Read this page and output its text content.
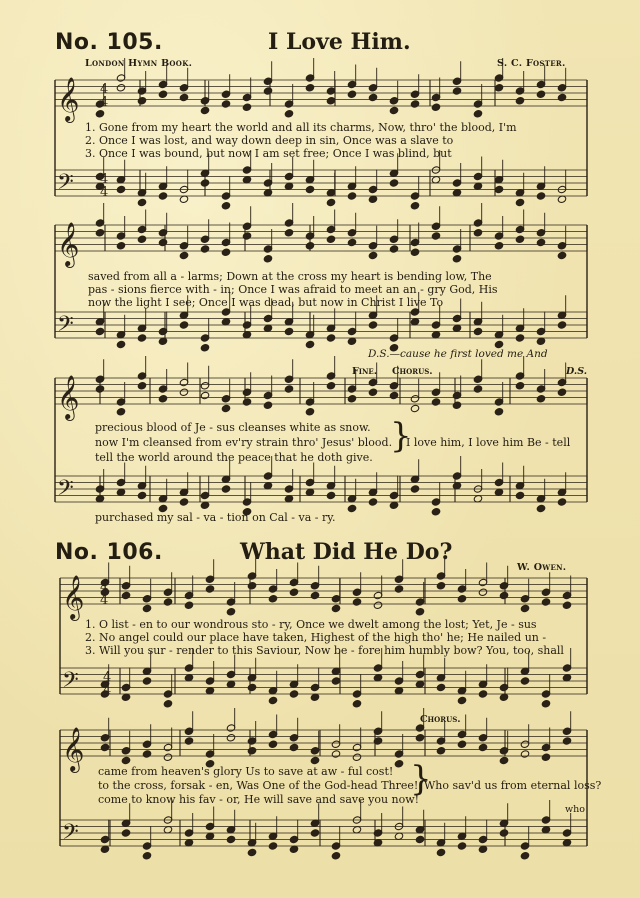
𝄞
𝄢
𝄞
𝄢
𝄞
𝄢
𝄞
𝄢
𝄞
𝄢
4
4
4
4
4
4
4
4
No. 105.	I Love Him.
London Hymn Book.	S. C. Foster.
1. Gone from my heart the world and all its charms, Now, thro' the blood, I'm
2. Once I was lost, and way down deep in sin, Once was a slave to
3. Once I was bound, but now I am set free; Once I was blind, but
saved from all a - larms; Down at the cross my heart is bending low, The
pas - sions fierce with - in; Once I was afraid to meet an an - gry God, His
now the light I see; Once I was dead, but now in Christ I live To
D.S.—cause he first loved me And
Fine. Chorus.	D.S.
precious blood of Je - sus cleanses white as snow.
now I'm cleansed from ev'ry strain thro' Jesus' blood.
tell the world around the peace that he doth give.
}
I love him, I love him Be - tell
purchased my sal - va - tion on Cal - va - ry.
No. 106.	What Did He Do?
W. Owen.
1. O list - en to our wondrous sto - ry, Once we dwelt among the lost; Yet, Je - sus
2. No angel could our place have taken, Highest of the high tho' he; He nailed un -
3. Will you sur - render to this Saviour, Now be - fore him humbly bow? You, too, shall
Chorus.
came from heaven's glory Us to save at aw - ful cost!
to the cross, forsak - en, Was One of the God-head Three!
come to know his fav - or, He will save and save you now!
}
Who sav'd us from eternal loss?
who
